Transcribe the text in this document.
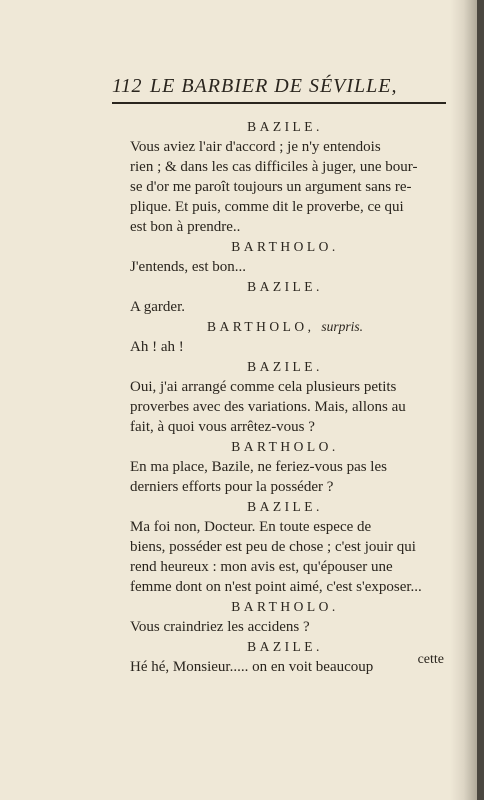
112 LE BARBIER DE SÉVILLE,
BAZILE.
Vous aviez l'air d'accord ; je n'y entendois
rien ; & dans les cas difficiles à juger, une bour-
se d'or me paroît toujours un argument sans re-
plique. Et puis, comme dit le proverbe, ce qui
est bon à prendre..
BARTHOLO.
J'entends, est bon...
BAZILE.
A garder.
BARTHOLO, surpris.
Ah ! ah !
BAZILE.
Oui, j'ai arrangé comme cela plusieurs petits
proverbes avec des variations. Mais, allons au
fait, à quoi vous arrêtez-vous ?
BARTHOLO.
En ma place, Bazile, ne feriez-vous pas les
derniers efforts pour la posséder ?
BAZILE.
Ma foi non, Docteur. En toute espece de
biens, posséder est peu de chose ; c'est jouir qui
rend heureux : mon avis est, qu'épouser une
femme dont on n'est point aimé, c'est s'exposer...
BARTHOLO.
Vous craindriez les accidens ?
BAZILE.
Hé hé, Monsieur..... on en voit beaucoup	cette
